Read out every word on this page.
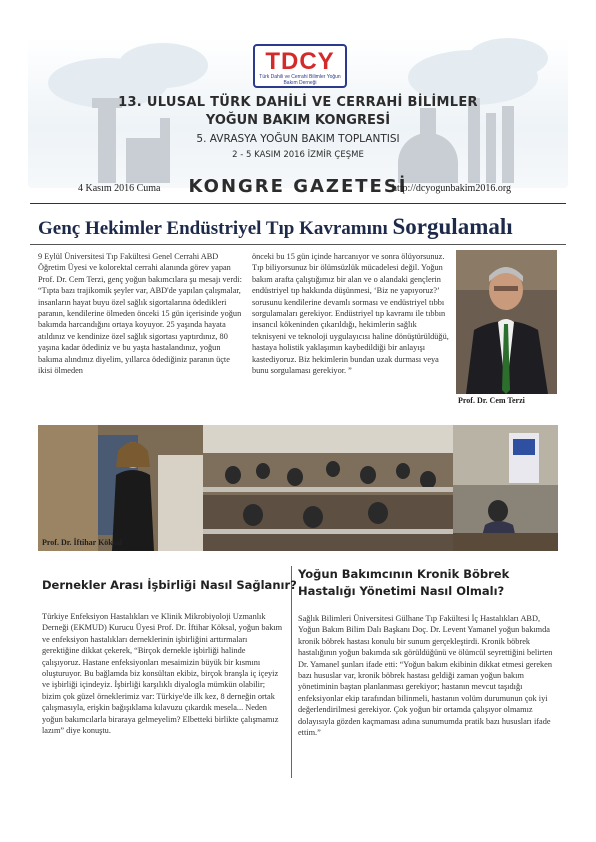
TDCY
Türk Dahili ve Cerrahi Bilimler Yoğun Bakım Derneği
13. ULUSAL TÜRK DAHİLİ VE CERRAHİ BİLİMLER
YOĞUN BAKIM KONGRESİ
5. AVRASYA YOĞUN BAKIM TOPLANTISI
2 - 5 KASIM 2016 İZMİR ÇEŞME
KONGRE GAZETESİ
4 Kasım 2016 Cuma	http://dcyogunbakim2016.org
Genç Hekimler Endüstriyel Tıp Kavramını Sorgulamalı

9 Eylül Üniversitesi Tıp Fakültesi Genel Cerrahi ABD Öğretim Üyesi ve kolorektal cerrahi alanında görev yapan Prof. Dr. Cem Terzi, genç yoğun bakımcılara şu mesajı verdi: “Tıpta bazı trajikomik şeyler var, ABD'de yapılan çalışmalar, insanların hayat buyu özel sağlık sigortalarına ödedikleri paranın, kendilerine ölmeden önceki 15 gün içerisinde yoğun bakımda harcandığını ortaya koyuyor. 25 yaşında hayata atıldınız ve kendinize özel sağlık sigortası yaptırdınız, 80 yaşına kadar ödediniz ve bu yaşta hastalandınız, yoğun bakıma alındınız diyelim, yıllarca ödediğiniz paranın üçte ikisi ölmeden

önceki bu 15 gün içinde harcanıyor ve sonra ölüyorsunuz. Tıp biliyorsunuz bir ölümsüzlük mücadelesi değil. Yoğun bakım arafta çalıştığımız bir alan ve o alandaki gençlerin endüstriyel tıp hakkında düşünmesi, ‘Biz ne yapıyoruz?’ sorusunu kendilerine devamlı sorması ve endüstriyel tıbbı sorgulamaları gerekiyor. Endüstriyel tıp kavramı ile tıbbın insancıl kökeninden çıkarıldığı, hekimlerin sağlık teknisyeni ve teknoloji uygulayıcısı haline dönüştürüldüğü, hastaya holistik yaklaşımın kaybedildiği bir anlayışı kastediyoruz. Biz hekimlerin bundan uzak durması veya bunu sorgulaması gerekiyor. ”

Prof. Dr. Cem Terzi
Prof. Dr. İftihar Köksal
Dernekler Arası İşbirliği Nasıl Sağlanır?

Türkiye Enfeksiyon Hastalıkları ve Klinik Mikrobiyoloji Uzmanlık Derneği (EKMUD) Kurucu Üyesi Prof. Dr. İftihar Köksal, yoğun bakım ve enfeksiyon hastalıkları derneklerinin işbirliğini arttırmaları gerektiğine dikkat çekerek, “Birçok dernekle işbirliği halinde çalışıyoruz. Hastane enfeksiyonları mesaimizin büyük bir kısmını oluşturuyor. Bu bağlamda biz konsültan ekibiz, birçok branşla iç içeyiz ve işbirliği içindeyiz. İşbirliği karşılıklı diyalogla mümkün olabilir; bizim çok güzel örneklerimiz var: Türkiye'de ilk kez, 8 derneğin ortak çalışmasıyla, erişkin bağışıklama kılavuzu çıkardık mesela... Neden yoğun bakımcılarla biraraya gelmeyelim? Elbetteki birlikte çalışmamız lazım” diye konuştu.

Yoğun Bakımcının Kronik Böbrek Hastalığı Yönetimi Nasıl Olmalı?

Sağlık Bilimleri Üniversitesi Gülhane Tıp Fakültesi İç Hastalıkları ABD, Yoğun Bakım Bilim Dalı Başkanı Doç. Dr. Levent Yamanel yoğun bakımda kronik böbrek hastası konulu bir sunum gerçekleştirdi. Kronik böbrek hastalığının yoğun bakımda sık görüldüğünü ve ölümcül seyrettiğini belirten Dr. Yamanel şunları ifade etti: “Yoğun bakım ekibinin dikkat etmesi gereken bazı hususlar var, kronik böbrek hastası geldiği zaman yoğun bakım yönetiminin baştan planlanması gerekiyor; hastanın mevcut taşıdığı enfeksiyonlar ekip tarafından bilinmeli, hastanın volüm durumunun çok iyi değerlendirilmesi gerekiyor. Çok yoğun bir ortamda çalışıyor olmamız dolayısıyla gözden kaçmaması adına sunumumda pratik bazı hususları ifade ettim.”
